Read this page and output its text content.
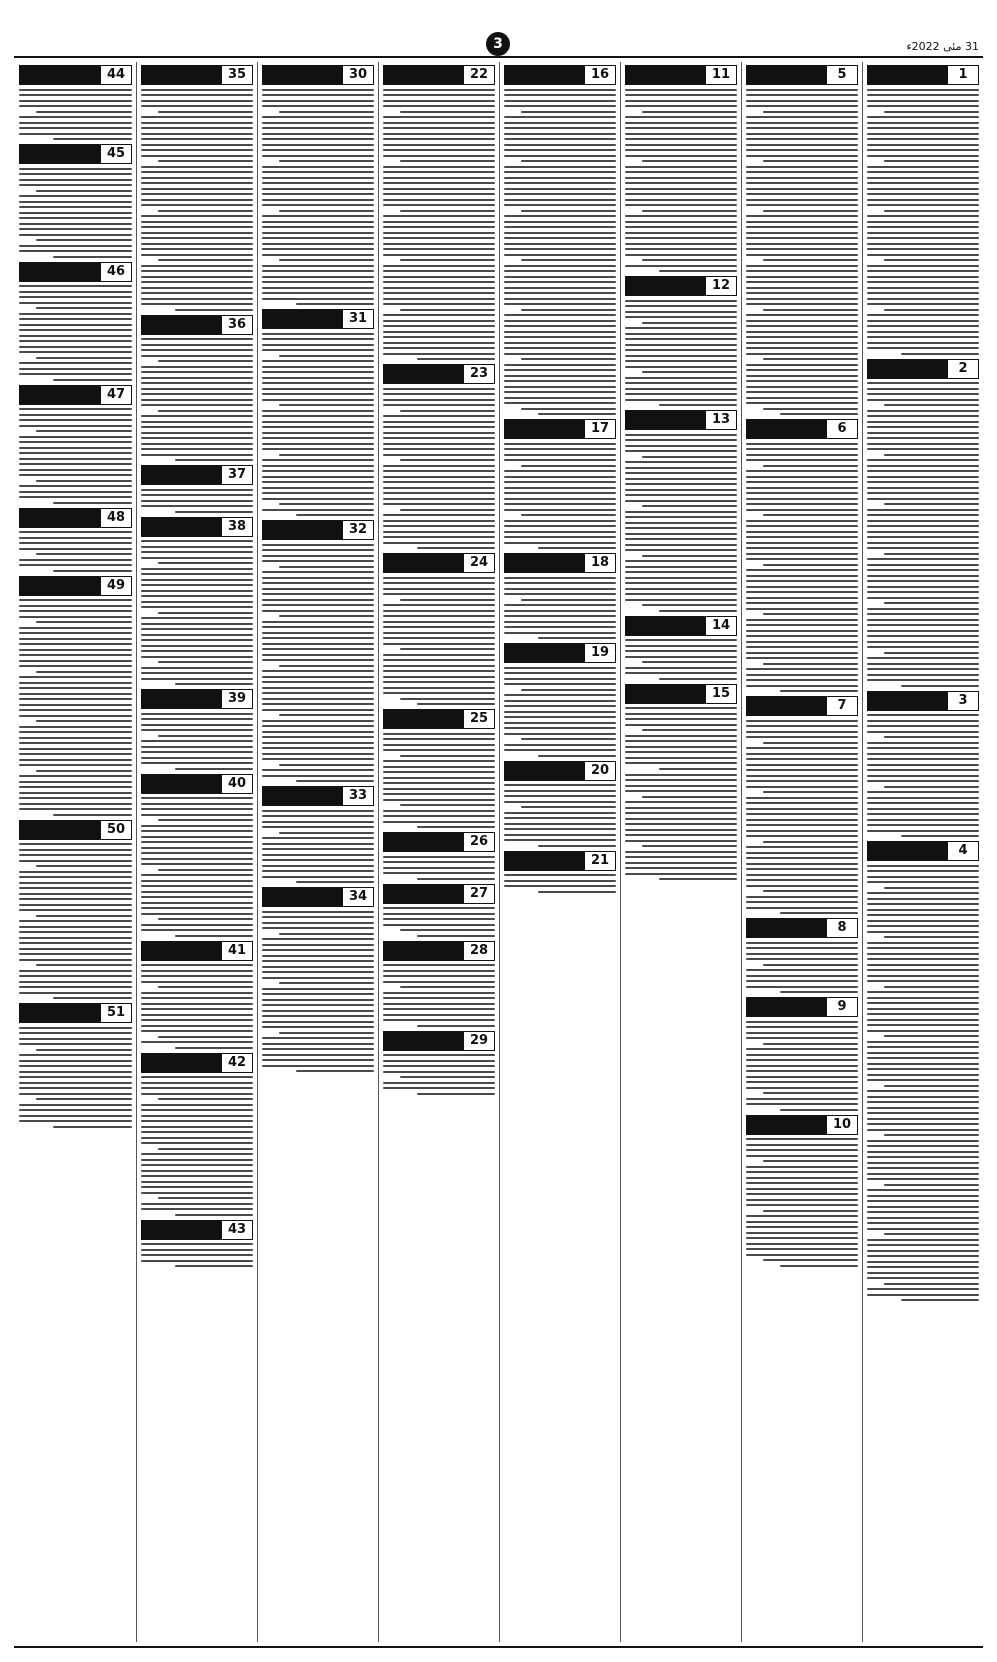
3	31 مئی 2022ء
1
2
3
4
5
6
7
8
9
10
11
12
13
14
15
16
17
18
19
20
21
22
23
24
25
26
27
28
29
30
31
32
33
34
35
36
37
38
39
40
41
42
43
44
45
46
47
48
49
50
51
